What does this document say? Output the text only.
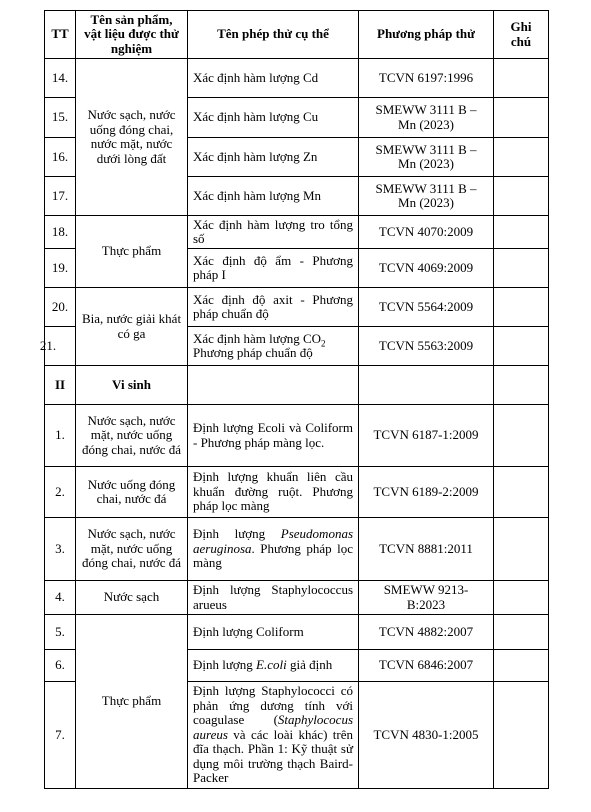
TT	Tên sản phẩm, vật liệu được thử nghiệm	Tên phép thử cụ thể	Phương pháp thử	Ghi chú
14.	Nước sạch, nước uống đóng chai, nước mặt, nước dưới lòng đất	Xác định hàm lượng Cd	TCVN 6197:1996	

15.		Xác định hàm lượng Cu	SMEWW 3111 B – Mn (2023)	

16.		Xác định hàm lượng Zn	SMEWW 3111 B – Mn (2023)	

17.		Xác định hàm lượng Mn	SMEWW 3111 B – Mn (2023)	

18.	Thực phẩm	Xác định hàm lượng tro tổng số	TCVN 4070:2009	

19.		Xác định độ ẩm - Phương pháp I	TCVN 4069:2009	

20.	Bia, nước giải khát có ga	Xác định độ axit - Phương pháp chuẩn độ	TCVN 5564:2009	

21.		Xác định hàm lượng $CO_2$ Phương pháp chuẩn độ	TCVN 5563:2009	

II	Vi sinh			
1.	Nước sạch, nước mặt, nước uống đóng chai, nước đá	Định lượng Ecoli và Coliform - Phương pháp màng lọc.	TCVN 6187-1:2009	

2.	Nước uống đóng chai, nước đá	Định lượng khuẩn liên cầu khuẩn đường ruột. Phương pháp lọc màng	TCVN 6189-2:2009	

3.	Nước sạch, nước mặt, nước uống đóng chai, nước đá	Định lượng Pseudomonas aeruginosa. Phương pháp lọc màng	TCVN 8881:2011	

4.	Nước sạch	Định lượng Staphylococcus arueus	SMEWW 9213-B:2023	

5.	Thực phẩm	Định lượng Coliform	TCVN 4882:2007	

6.		Định lượng E.coli giả định	TCVN 6846:2007	

7.		Định lượng Staphylococci có phản ứng dương tính với coagulase (Staphylococus aureus và các loài khác) trên đĩa thạch. Phần 1: Kỹ thuật sử dụng môi trường thạch Baird-Packer	TCVN 4830-1:2005	
